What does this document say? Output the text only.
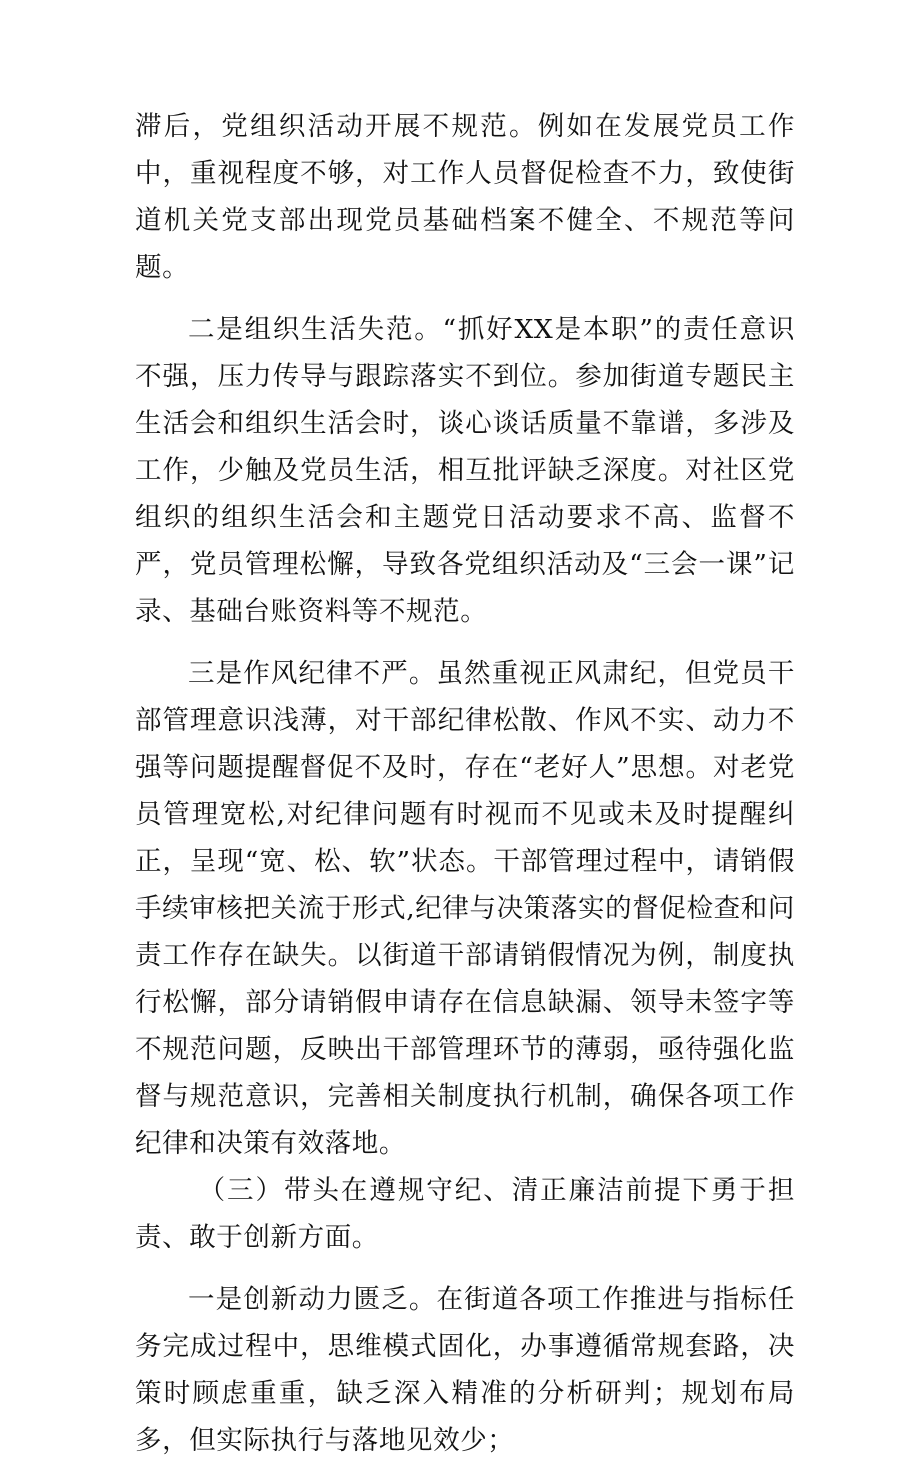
滞后，党组织活动开展不规范。例如在发展党员工作中，重视程度不够，对工作人员督促检查不力，致使街道机关党支部出现党员基础档案不健全、不规范等问题。

二是组织生活失范。“抓好XX是本职”的责任意识不强，压力传导与跟踪落实不到位。参加街道专题民主生活会和组织生活会时，谈心谈话质量不靠谱，多涉及工作，少触及党员生活，相互批评缺乏深度。对社区党组织的组织生活会和主题党日活动要求不高、监督不严，党员管理松懈，导致各党组织活动及“三会一课”记录、基础台账资料等不规范。

三是作风纪律不严。虽然重视正风肃纪，但党员干部管理意识浅薄，对干部纪律松散、作风不实、动力不强等问题提醒督促不及时，存在“老好人”思想。对老党员管理宽松,对纪律问题有时视而不见或未及时提醒纠正，呈现“宽、松、软”状态。干部管理过程中，请销假手续审核把关流于形式,纪律与决策落实的督促检查和问责工作存在缺失。以街道干部请销假情况为例，制度执行松懈，部分请销假申请存在信息缺漏、领导未签字等不规范问题，反映出干部管理环节的薄弱，亟待强化监督与规范意识，完善相关制度执行机制，确保各项工作纪律和决策有效落地。

（三）带头在遵规守纪、清正廉洁前提下勇于担责、敢于创新方面。

一是创新动力匮乏。在街道各项工作推进与指标任务完成过程中，思维模式固化，办事遵循常规套路，决策时顾虑重重，缺乏深入精准的分析研判；规划布局多，但实际执行与落地见效少；
